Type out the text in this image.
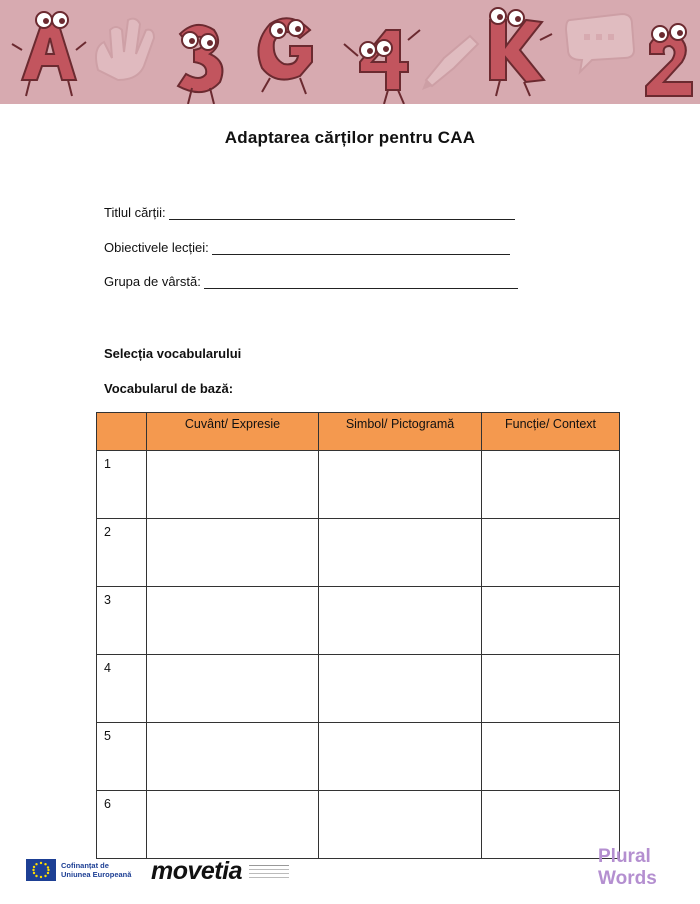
Adaptarea cărților pentru CAA
Titlul cărții:
Obiectivele lecției:
Grupa de vârstă:
Selecția vocabularului
Vocabularul de bază:
	Cuvânt/ Expresie	Simbol/ Pictogramă	Funcție/ Context
1			
2			
3			
4			
5			
6			
Cofinanțat de
Uniunea Europeană movetia
Plural
Words
